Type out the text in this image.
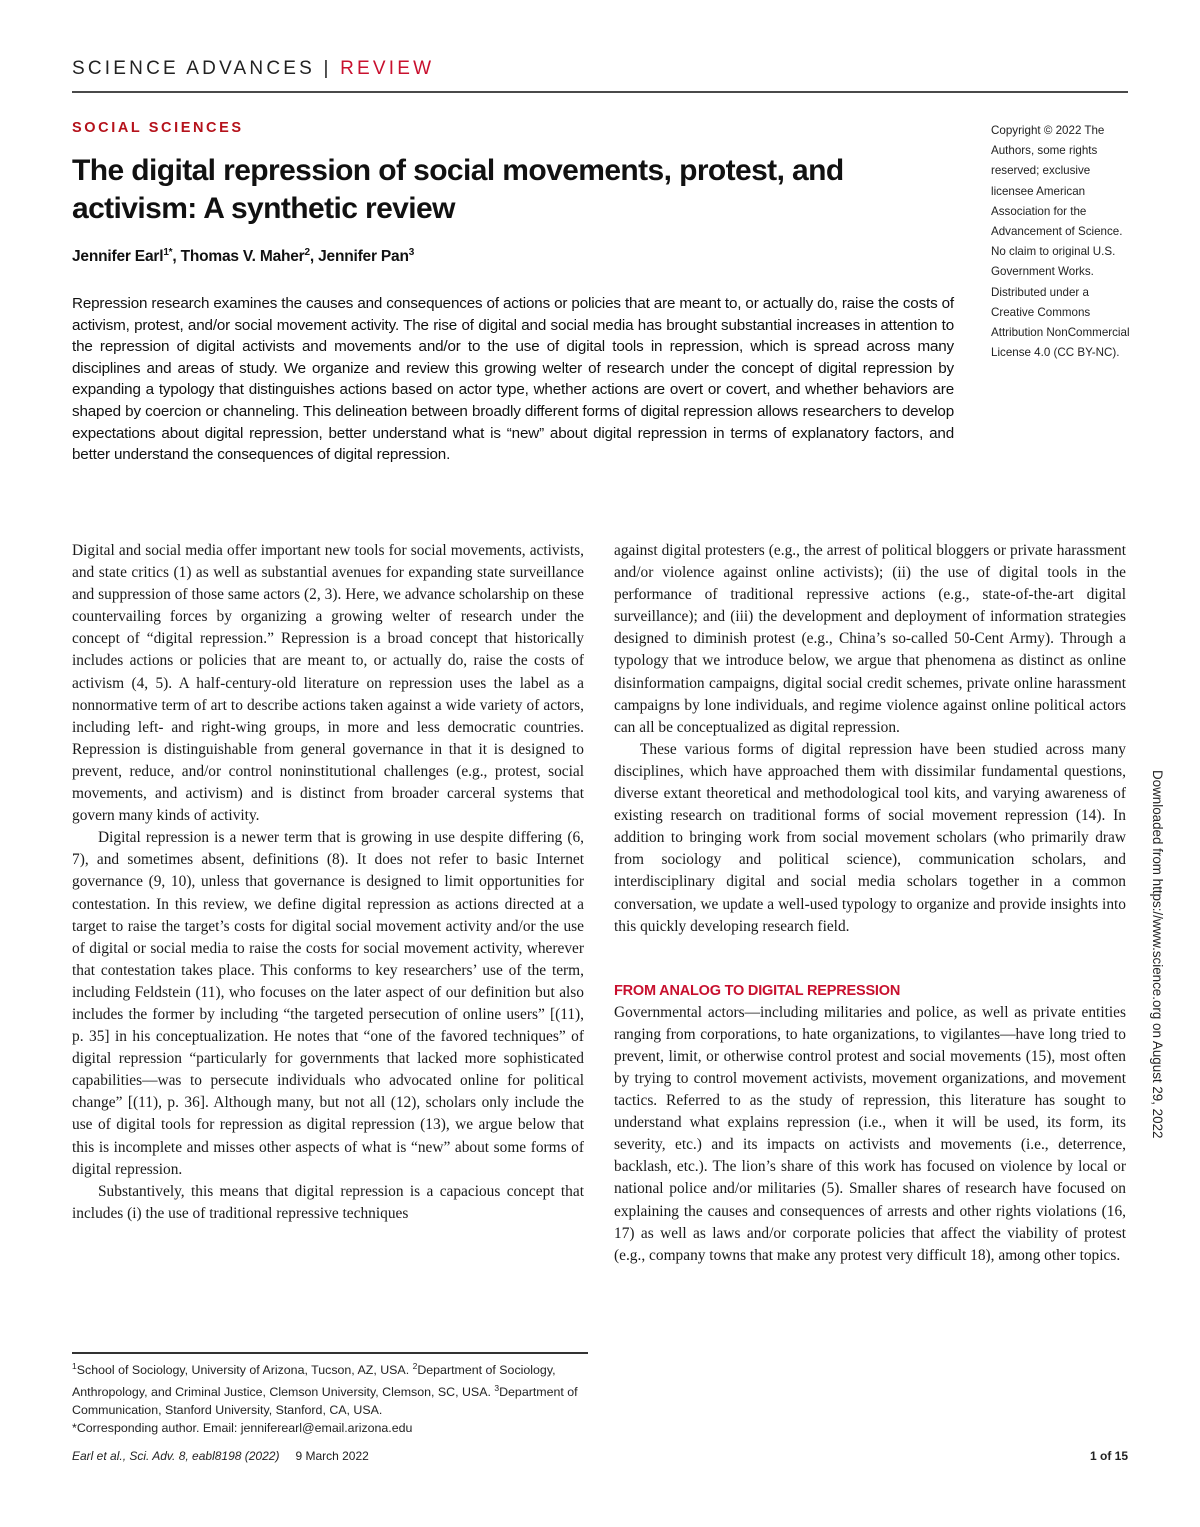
SCIENCE ADVANCES | REVIEW
SOCIAL SCIENCES
The digital repression of social movements, protest, and activism: A synthetic review
Jennifer Earl$^{1*}$, Thomas V. Maher$^2$, Jennifer Pan$^3$
Copyright © 2022 The Authors, some rights reserved; exclusive licensee American Association for the Advancement of Science. No claim to original U.S. Government Works. Distributed under a Creative Commons Attribution NonCommercial License 4.0 (CC BY-NC).

Repression research examines the causes and consequences of actions or policies that are meant to, or actually do, raise the costs of activism, protest, and/or social movement activity. The rise of digital and social media has brought substantial increases in attention to the repression of digital activists and movements and/or to the use of digital tools in repression, which is spread across many disciplines and areas of study. We organize and review this growing welter of research under the concept of digital repression by expanding a typology that distinguishes actions based on actor type, whether actions are overt or covert, and whether behaviors are shaped by coercion or channeling. This delineation between broadly different forms of digital repression allows researchers to develop expectations about digital repression, better understand what is “new” about digital repression in terms of explanatory factors, and better understand the consequences of digital repression.

Digital and social media offer important new tools for social movements, activists, and state critics (1) as well as substantial avenues for expanding state surveillance and suppression of those same actors (2, 3). Here, we advance scholarship on these countervailing forces by organizing a growing welter of research under the concept of “digital repression.” Repression is a broad concept that historically includes actions or policies that are meant to, or actually do, raise the costs of activism (4, 5). A half-century-old literature on repression uses the label as a nonnormative term of art to describe actions taken against a wide variety of actors, including left- and right-wing groups, in more and less democratic countries. Repression is distinguishable from general governance in that it is designed to prevent, reduce, and/or control noninstitutional challenges (e.g., protest, social movements, and activism) and is distinct from broader carceral systems that govern many kinds of activity.

Digital repression is a newer term that is growing in use despite differing (6, 7), and sometimes absent, definitions (8). It does not refer to basic Internet governance (9, 10), unless that governance is designed to limit opportunities for contestation. In this review, we define digital repression as actions directed at a target to raise the target’s costs for digital social movement activity and/or the use of digital or social media to raise the costs for social movement activity, wherever that contestation takes place. This conforms to key researchers’ use of the term, including Feldstein (11), who focuses on the later aspect of our definition but also includes the former by including “the targeted persecution of online users” [(11), p. 35] in his conceptualization. He notes that “one of the favored techniques” of digital repression “particularly for governments that lacked more sophisticated capabilities—was to persecute individuals who advocated online for political change” [(11), p. 36]. Although many, but not all (12), scholars only include the use of digital tools for repression as digital repression (13), we argue below that this is incomplete and misses other aspects of what is “new” about some forms of digital repression.

Substantively, this means that digital repression is a capacious concept that includes (i) the use of traditional repressive techniques

against digital protesters (e.g., the arrest of political bloggers or private harassment and/or violence against online activists); (ii) the use of digital tools in the performance of traditional repressive actions (e.g., state-of-the-art digital surveillance); and (iii) the development and deployment of information strategies designed to diminish protest (e.g., China’s so-called 50-Cent Army). Through a typology that we introduce below, we argue that phenomena as distinct as online disinformation campaigns, digital social credit schemes, private online harassment campaigns by lone individuals, and regime violence against online political actors can all be conceptualized as digital repression.

These various forms of digital repression have been studied across many disciplines, which have approached them with dissimilar fundamental questions, diverse extant theoretical and methodological tool kits, and varying awareness of existing research on traditional forms of social movement repression (14). In addition to bringing work from social movement scholars (who primarily draw from sociology and political science), communication scholars, and interdisciplinary digital and social media scholars together in a common conversation, we update a well-used typology to organize and provide insights into this quickly developing research field.

FROM ANALOG TO DIGITAL REPRESSION

Governmental actors—including militaries and police, as well as private entities ranging from corporations, to hate organizations, to vigilantes—have long tried to prevent, limit, or otherwise control protest and social movements (15), most often by trying to control movement activists, movement organizations, and movement tactics. Referred to as the study of repression, this literature has sought to understand what explains repression (i.e., when it will be used, its form, its severity, etc.) and its impacts on activists and movements (i.e., deterrence, backlash, etc.). The lion’s share of this work has focused on violence by local or national police and/or militaries (5). Smaller shares of research have focused on explaining the causes and consequences of arrests and other rights violations (16, 17) as well as laws and/or corporate policies that affect the viability of protest (e.g., company towns that make any protest very difficult 18), among other topics.

$^1$School of Sociology, University of Arizona, Tucson, AZ, USA. $^2$Department of Sociology, Anthropology, and Criminal Justice, Clemson University, Clemson, SC, USA. $^3$Department of Communication, Stanford University, Stanford, CA, USA.
*Corresponding author. Email: jenniferearl@email.arizona.edu
Downloaded from https://www.science.org on August 29, 2022
Earl et al., Sci. Adv. 8, eabl8198 (2022) 9 March 2022	1 of 15
